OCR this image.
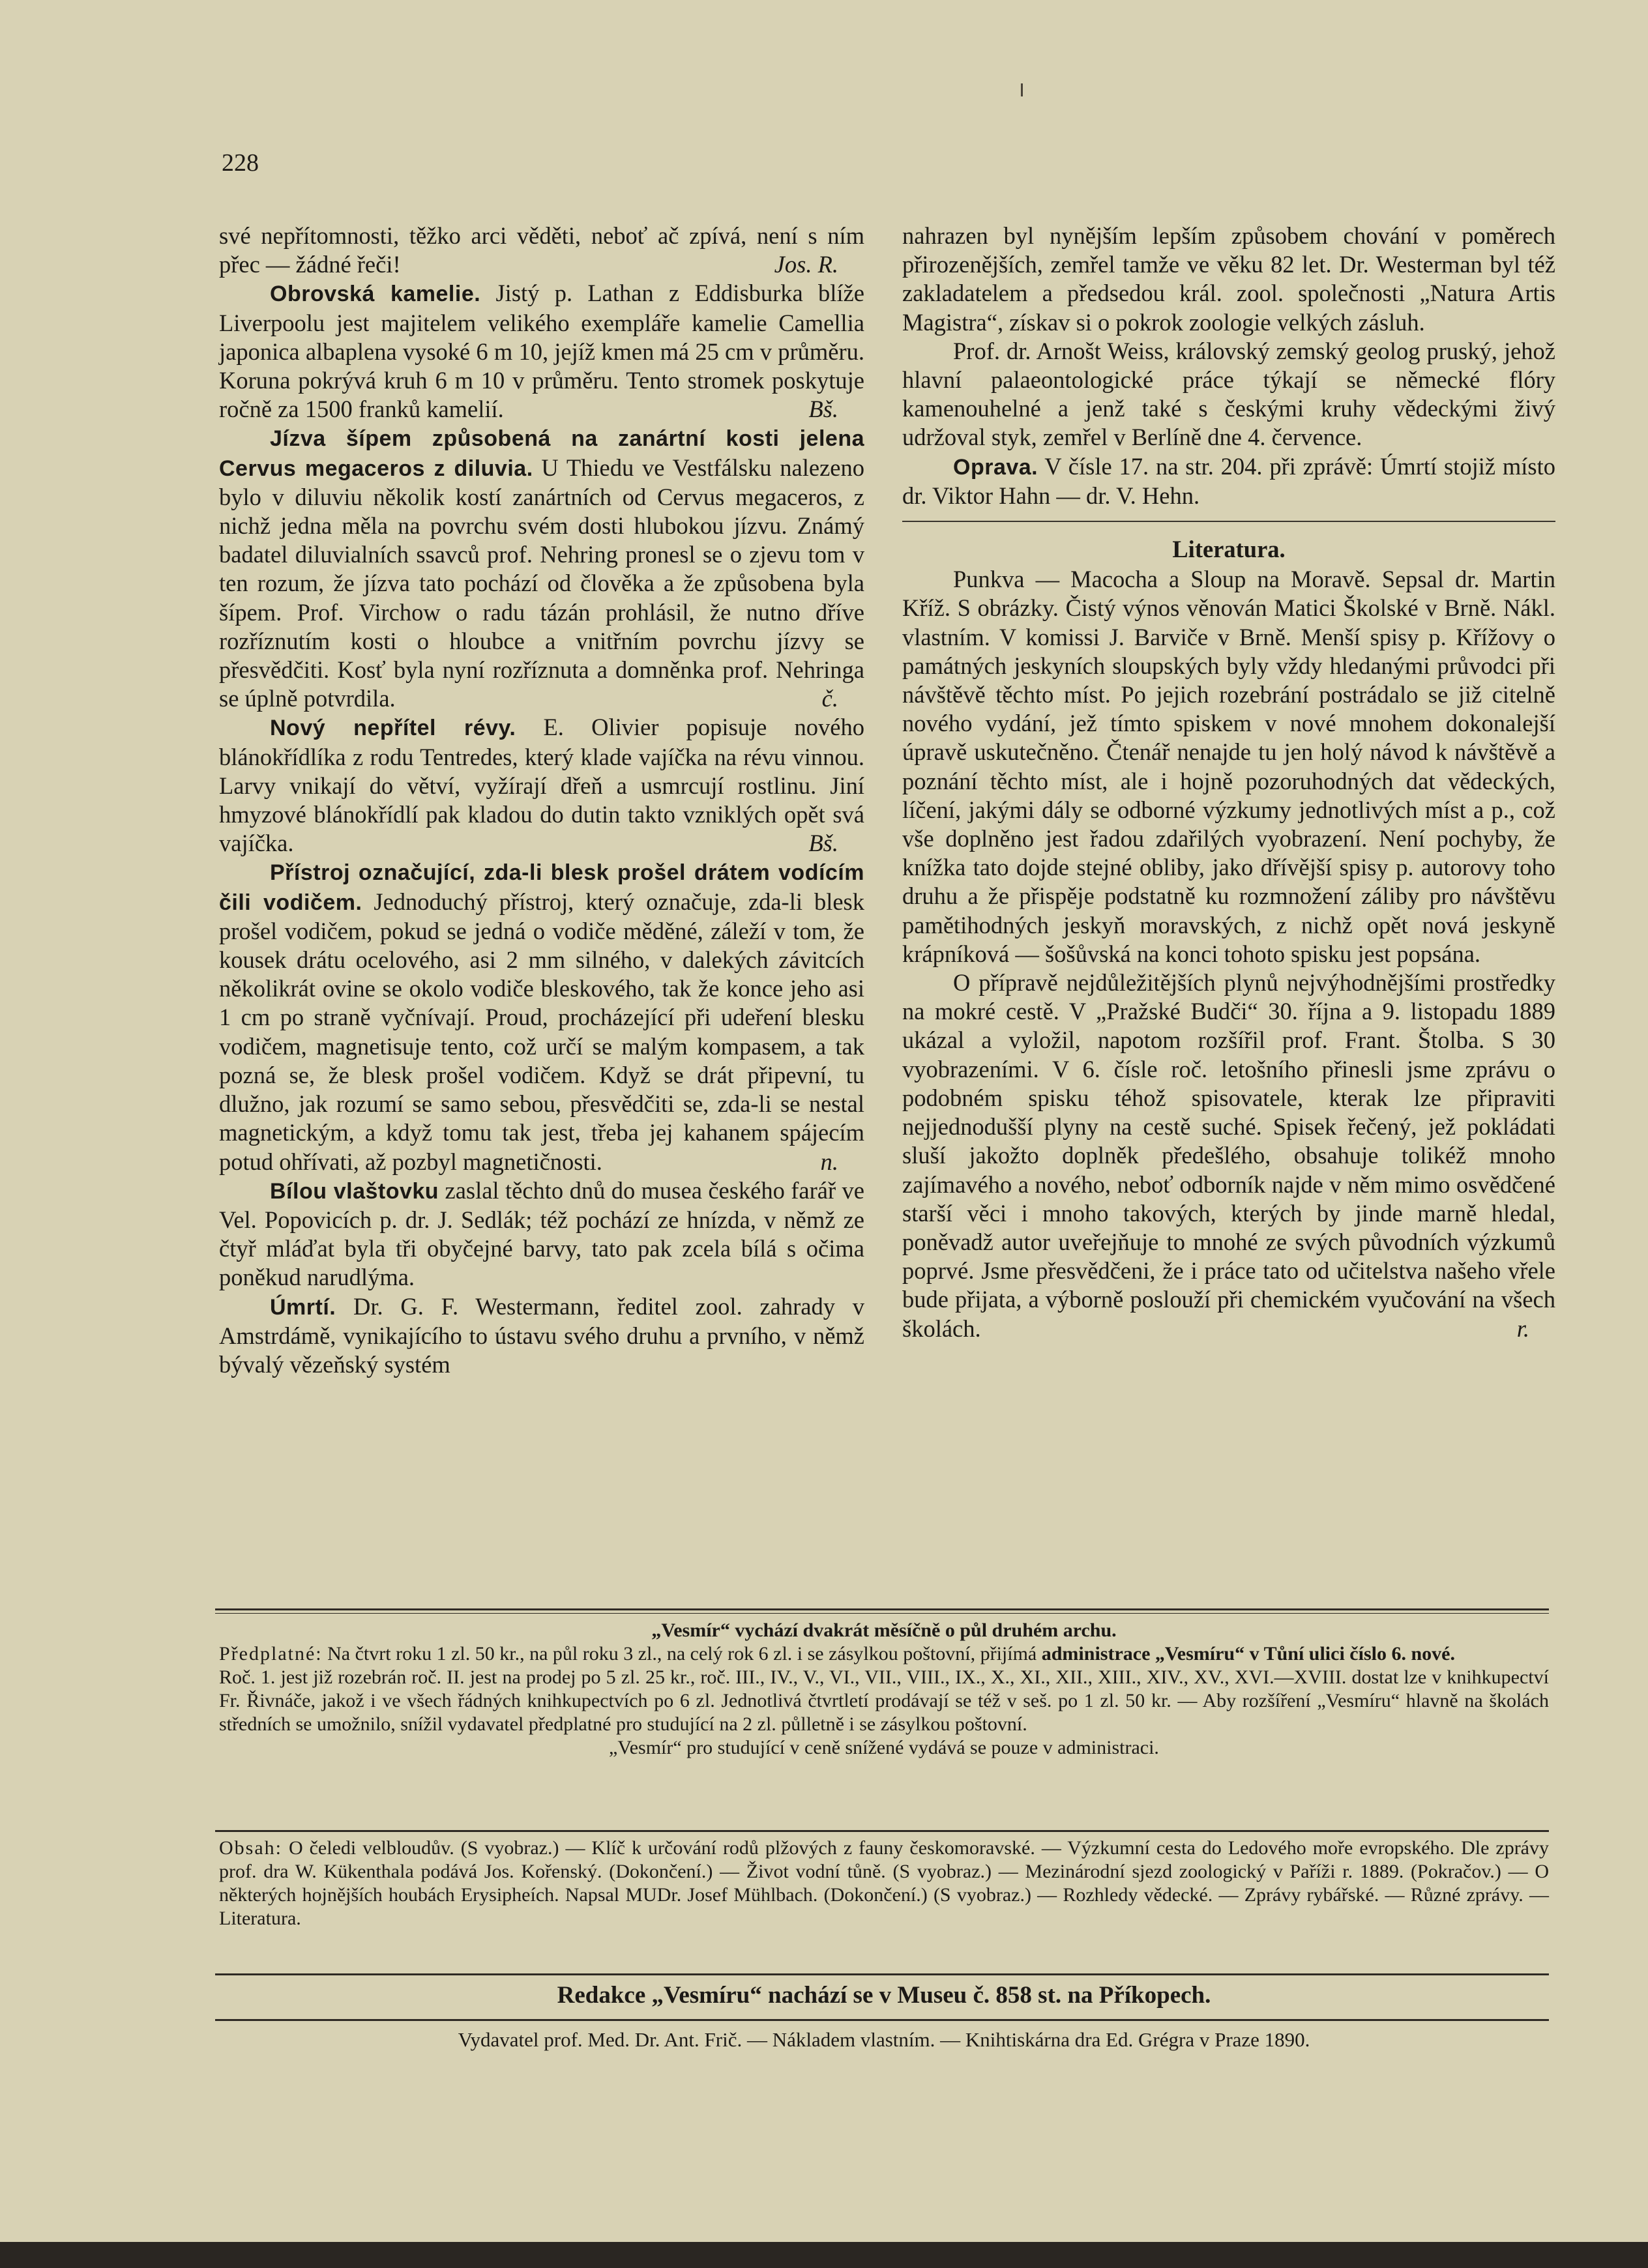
228

své nepřítomnosti, těžko arci věděti, neboť ač zpívá, není s ním přec — žádné řeči!	Jos. R.

Obrovská kamelie. Jistý p. Lathan z Eddisburka blíže Liverpoolu jest majitelem velikého exempláře kamelie Camellia japonica albaplena vysoké 6 m 10, jejíž kmen má 25 cm v průměru. Koruna pokrývá kruh 6 m 10 v průměru. Tento stromek poskytuje ročně za 1500 franků kamelií.	Bš.

Jízva šípem způsobená na zanártní kosti jelena Cervus megaceros z diluvia. U Thiedu ve Vestfálsku nalezeno bylo v diluviu několik kostí zanártních od Cervus megaceros, z nichž jedna měla na povrchu svém dosti hlubokou jízvu. Známý badatel diluvialních ssavců prof. Nehring pronesl se o zjevu tom v ten rozum, že jízva tato pochází od člověka a že způsobena byla šípem. Prof. Virchow o radu tázán prohlásil, že nutno dříve rozříznutím kosti o hloubce a vnitřním povrchu jízvy se přesvědčiti. Kosť byla nyní rozříznuta a domněnka prof. Nehringa se úplně potvrdila.	č.

Nový nepřítel révy. E. Olivier popisuje nového blánokřídlíka z rodu Tentredes, který klade vajíčka na révu vinnou. Larvy vnikají do větví, vyžírají dřeň a usmrcují rostlinu. Jiní hmyzové blánokřídlí pak kladou do dutin takto vzniklých opět svá vajíčka.	Bš.

Přístroj označující, zda-li blesk prošel drátem vodícím čili vodičem. Jednoduchý přístroj, který označuje, zda-li blesk prošel vodičem, pokud se jedná o vodiče měděné, záleží v tom, že kousek drátu ocelového, asi 2 mm silného, v dalekých závitcích několikrát ovine se okolo vodiče bleskového, tak že konce jeho asi 1 cm po straně vyčnívají. Proud, procházející při udeření blesku vodičem, magnetisuje tento, což určí se malým kompasem, a tak pozná se, že blesk prošel vodičem. Když se drát připevní, tu dlužno, jak rozumí se samo sebou, přesvědčiti se, zda-li se nestal magnetickým, a když tomu tak jest, třeba jej kahanem spájecím potud ohřívati, až pozbyl magnetičnosti.	n.

Bílou vlaštovku zaslal těchto dnů do musea českého farář ve Vel. Popovicích p. dr. J. Sedlák; též pochází ze hnízda, v němž ze čtyř mláďat byla tři obyčejné barvy, tato pak zcela bílá s očima poněkud narudlýma.

Úmrtí. Dr. G. F. Westermann, ředitel zool. zahrady v Amstrdámě, vynikajícího to ústavu svého druhu a prvního, v němž bývalý vězeňský systém

nahrazen byl nynějším lepším způsobem chování v poměrech přirozenějších, zemřel tamže ve věku 82 let. Dr. Westerman byl též zakladatelem a předsedou král. zool. společnosti „Natura Artis Magistra“, získav si o pokrok zoologie velkých zásluh.

Prof. dr. Arnošt Weiss, královský zemský geolog pruský, jehož hlavní palaeontologické práce týkají se německé flóry kamenouhelné a jenž také s českými kruhy vědeckými živý udržoval styk, zemřel v Berlíně dne 4. července.

Oprava. V čísle 17. na str. 204. při zprávě: Úmrtí stojiž místo dr. Viktor Hahn — dr. V. Hehn.

Literatura.

Punkva — Macocha a Sloup na Moravě. Sepsal dr. Martin Kříž. S obrázky. Čistý výnos věnován Matici Školské v Brně. Nákl. vlastním. V komissi J. Barviče v Brně. Menší spisy p. Křížovy o památných jeskyních sloupských byly vždy hledanými průvodci při návštěvě těchto míst. Po jejich rozebrání postrádalo se již citelně nového vydání, jež tímto spiskem v nové mnohem dokonalejší úpravě uskutečněno. Čtenář nenajde tu jen holý návod k návštěvě a poznání těchto míst, ale i hojně pozoruhodných dat vědeckých, líčení, jakými dály se odborné výzkumy jednotlivých míst a p., což vše doplněno jest řadou zdařilých vyobrazení. Není pochyby, že knížka tato dojde stejné obliby, jako dřívější spisy p. autorovy toho druhu a že přispěje podstatně ku rozmnožení záliby pro návštěvu pamětihodných jeskyň moravských, z nichž opět nová jeskyně krápníková — šošůvská na konci tohoto spisku jest popsána.

O přípravě nejdůležitějších plynů nejvýhodnějšími prostředky na mokré cestě. V „Pražské Budči“ 30. října a 9. listopadu 1889 ukázal a vyložil, napotom rozšířil prof. Frant. Štolba. S 30 vyobrazeními. V 6. čísle roč. letošního přinesli jsme zprávu o podobném spisku téhož spisovatele, kterak lze připraviti nejjednodušší plyny na cestě suché. Spisek řečený, jež pokládati sluší jakožto doplněk předešlého, obsahuje tolikéž mnoho zajímavého a nového, neboť odborník najde v něm mimo osvědčené starší věci i mnoho takových, kterých by jinde marně hledal, poněvadž autor uveřejňuje to mnohé ze svých původních výzkumů poprvé. Jsme přesvědčeni, že i práce tato od učitelstva našeho vřele bude přijata, a výborně poslouží při chemickém vyučování na všech školách.	r.

„Vesmír“ vychází dvakrát měsíčně o půl druhém archu.
Předplatné: Na čtvrt roku 1 zl. 50 kr., na půl roku 3 zl., na celý rok 6 zl. i se zásylkou poštovní, přijímá administrace „Vesmíru“ v Tůní ulici číslo 6. nové.
Roč. 1. jest již rozebrán roč. II. jest na prodej po 5 zl. 25 kr., roč. III., IV., V., VI., VII., VIII., IX., X., XI., XII., XIII., XIV., XV., XVI.—XVIII. dostat lze v knihkupectví Fr. Řivnáče, jakož i ve všech řádných knihkupectvích po 6 zl. Jednotlivá čtvrtletí prodávají se též v seš. po 1 zl. 50 kr. — Aby rozšíření „Vesmíru“ hlavně na školách středních se umožnilo, snížil vydavatel předplatné pro studující na 2 zl. půlletně i se zásylkou poštovní.
„Vesmír“ pro studující v ceně snížené vydává se pouze v administraci.
Obsah: O čeledi velbloudův. (S vyobraz.) — Klíč k určování rodů plžových z fauny českomoravské. — Výzkumní cesta do Ledového moře evropského. Dle zprávy prof. dra W. Kükenthala podává Jos. Kořenský. (Dokončení.) — Život vodní tůně. (S vyobraz.) — Mezinárodní sjezd zoologický v Paříži r. 1889. (Pokračov.) — O některých hojnějších houbách Erysipheích. Napsal MUDr. Josef Mühlbach. (Dokončení.) (S vyobraz.) — Rozhledy vědecké. — Zprávy rybářské. — Různé zprávy. — Literatura.
Redakce „Vesmíru“ nachází se v Museu č. 858 st. na Příkopech.
Vydavatel prof. Med. Dr. Ant. Frič. — Nákladem vlastním. — Knihtiskárna dra Ed. Grégra v Praze 1890.
